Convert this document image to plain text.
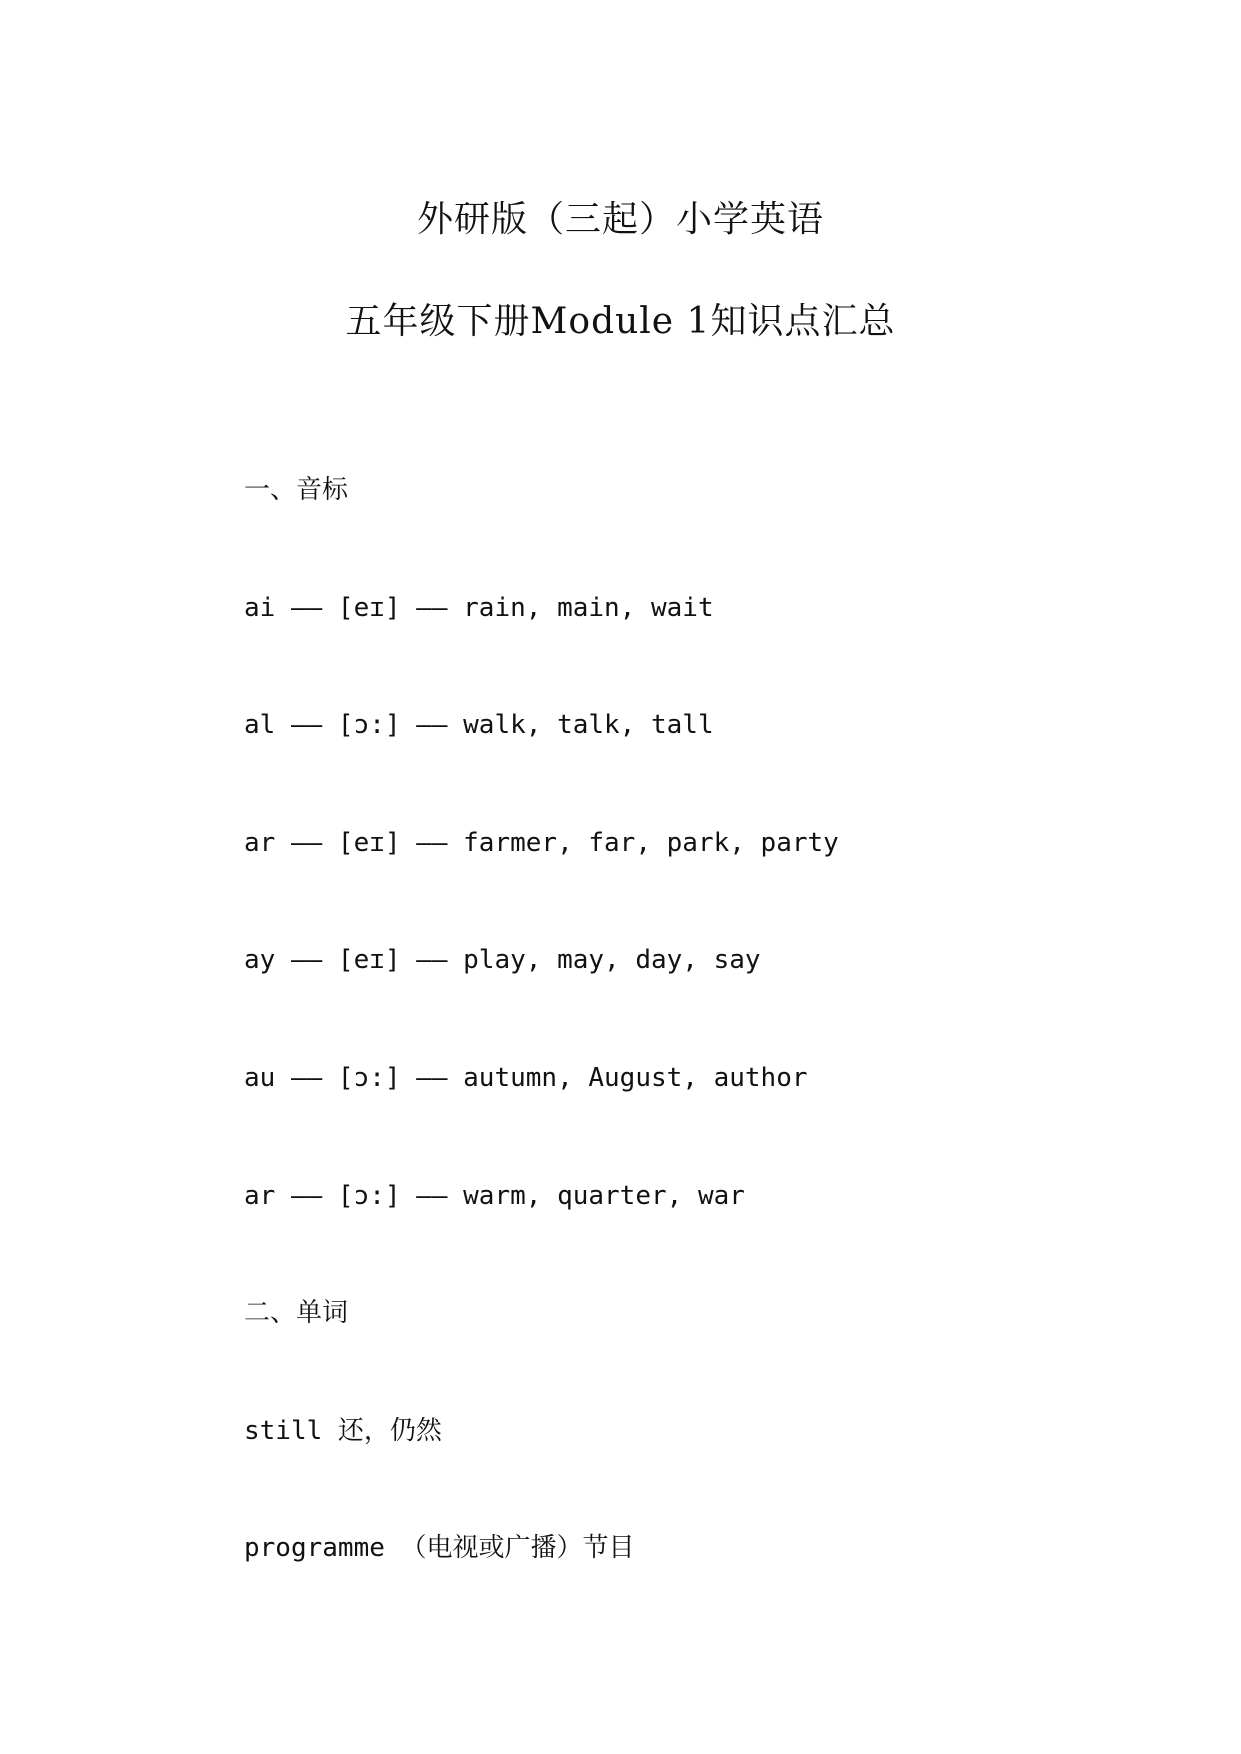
外研版（三起）小学英语
五年级下册Module 1知识点汇总
一、音标
ai —— [eɪ] —— rain, main, wait
al —— [ɔ:] —— walk, talk, tall
ar —— [eɪ] —— farmer, far, park, party
ay —— [eɪ] —— play, may, day, say
au —— [ɔ:] —— autumn, August, author
ar —— [ɔ:] —— warm, quarter, war
二、单词
still 还，仍然
programme （电视或广播）节目
